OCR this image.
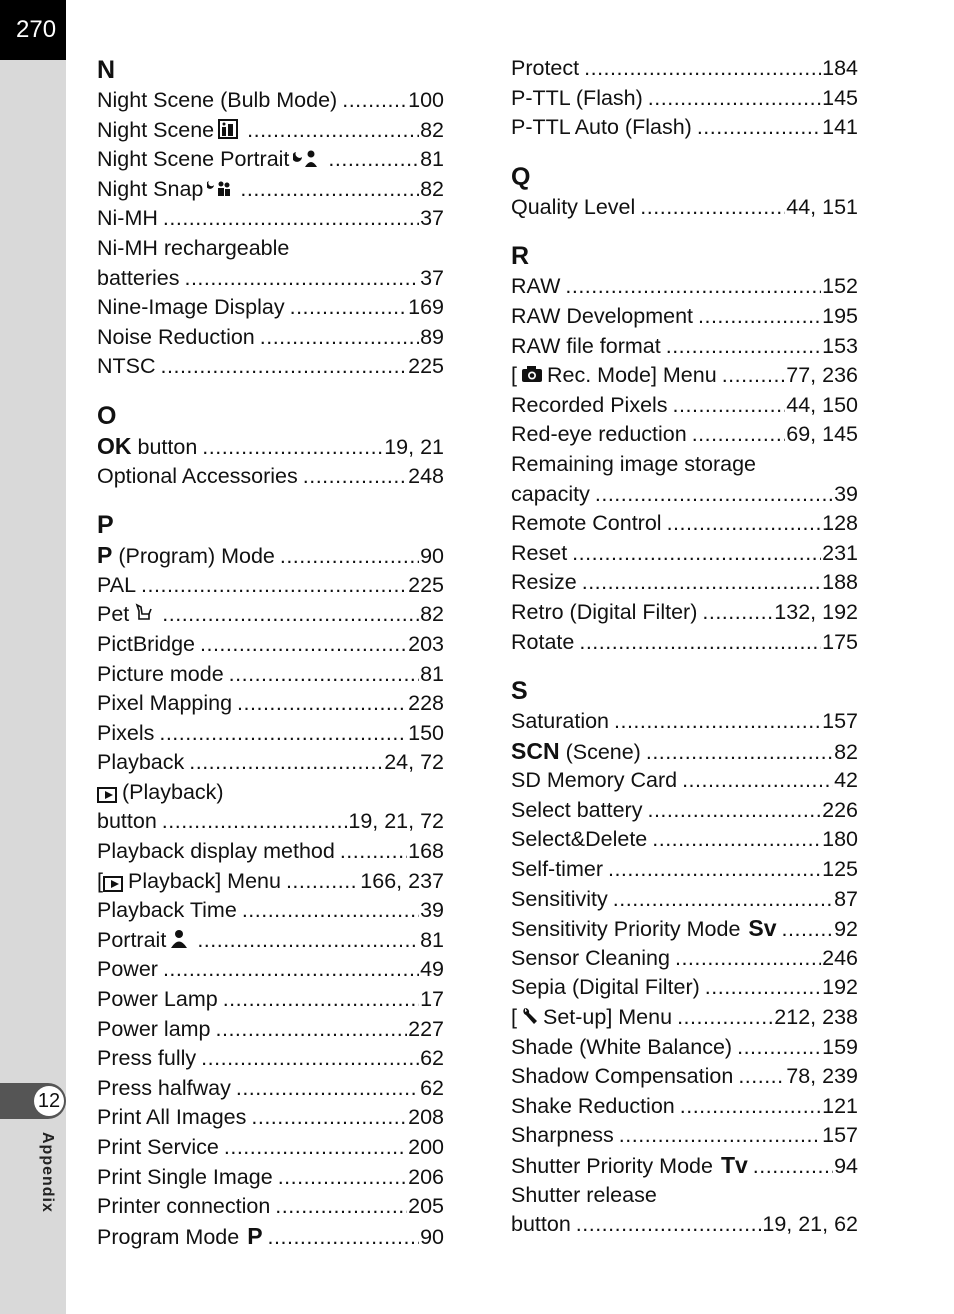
270
12
Appendix
N
Night Scene (Bulb Mode) .....	100
Night Scene .....	82
Night Scene Portrait .....	81
Night Snap .....	82
Ni-MH .....	37
Ni-MH rechargeable
batteries .....	37
Nine-Image Display .....	169
Noise Reduction .....	89
NTSC .....	225
O
OK button .....	19, 21
Optional Accessories .....	248
P
P (Program) Mode .....	90
PAL .....	225
Pet .....	82
PictBridge .....	203
Picture mode .....	81
Pixel Mapping .....	228
Pixels .....	150
Playback .....	24, 72
(Playback)
button .....	19, 21, 72
Playback display method .....	168
[ Playback] Menu .....	166, 237
Playback Time .....	39
Portrait .....	81
Power .....	49
Power Lamp .....	17
Power lamp .....	227
Press fully .....	62
Press halfway .....	62
Print All Images .....	208
Print Service .....	200
Print Single Image .....	206
Printer connection .....	205
Program Mode P .....	90
Protect .....	184
P-TTL (Flash) .....	145
P-TTL Auto (Flash) .....	141
Q
Quality Level .....	44, 151
R
RAW .....	152
RAW Development .....	195
RAW file format .....	153
[ Rec. Mode] Menu .....	77, 236
Recorded Pixels .....	44, 150
Red-eye reduction .....	69, 145
Remaining image storage
capacity .....	39
Remote Control .....	128
Reset .....	231
Resize .....	188
Retro (Digital Filter) .....	132, 192
Rotate .....	175
S
Saturation .....	157
SCN (Scene) .....	82
SD Memory Card .....	42
Select battery .....	226
Select&Delete .....	180
Self-timer .....	125
Sensitivity .....	87
Sensitivity Priority Mode Sv .....	92
Sensor Cleaning .....	246
Sepia (Digital Filter) .....	192
[ Set-up] Menu .....	212, 238
Shade (White Balance) .....	159
Shadow Compensation ..... 78, 239
Shake Reduction .....	121
Sharpness .....	157
Shutter Priority Mode Tv .....	94
Shutter release
button .....	19, 21, 62
